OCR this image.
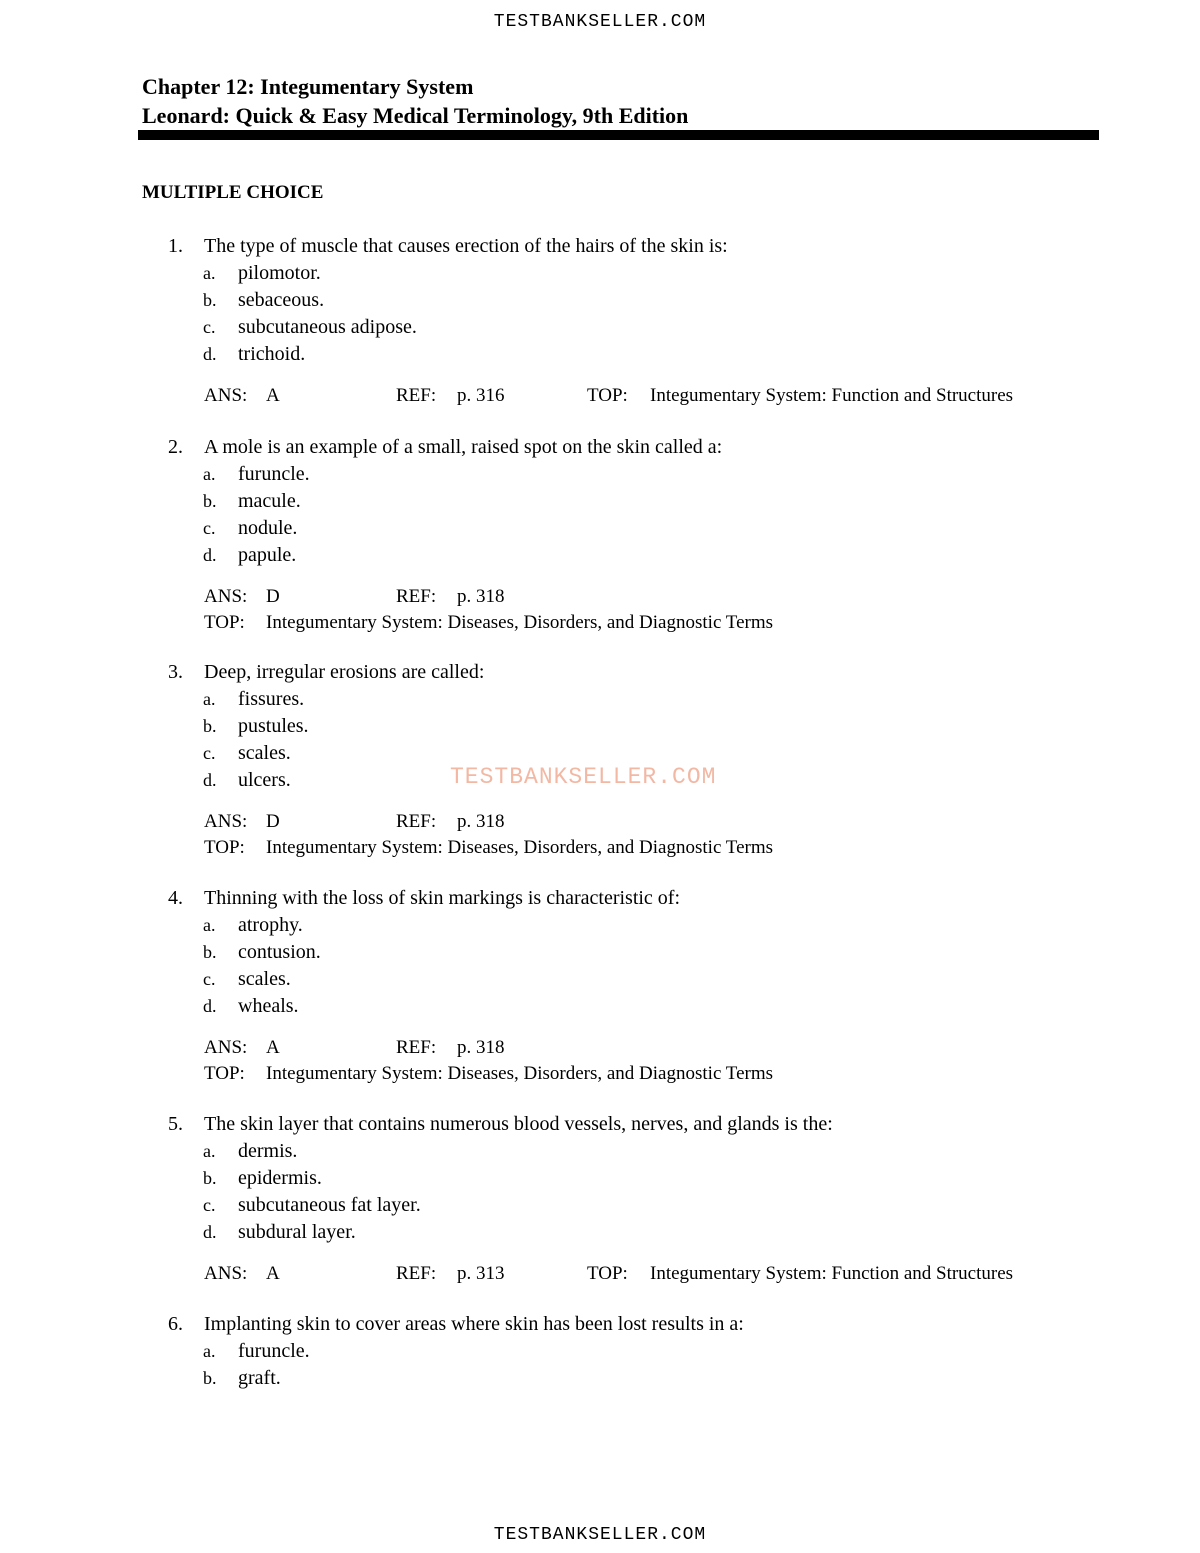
TESTBANKSELLER.COM
Chapter 12: Integumentary System
Leonard: Quick & Easy Medical Terminology, 9th Edition
MULTIPLE CHOICE
1. The type of muscle that causes erection of the hairs of the skin is:
a. pilomotor.
b. sebaceous.
c. subcutaneous adipose.
d. trichoid.
ANS: A	REF: p. 316	TOP: Integumentary System: Function and Structures
2. A mole is an example of a small, raised spot on the skin called a:
a. furuncle.
b. macule.
c. nodule.
d. papule.
ANS: D	REF: p. 318
TOP: Integumentary System: Diseases, Disorders, and Diagnostic Terms
3. Deep, irregular erosions are called:
a. fissures.
b. pustules.
c. scales.
d. ulcers.
ANS: D	REF: p. 318
TOP: Integumentary System: Diseases, Disorders, and Diagnostic Terms
4. Thinning with the loss of skin markings is characteristic of:
a. atrophy.
b. contusion.
c. scales.
d. wheals.
ANS: A	REF: p. 318
TOP: Integumentary System: Diseases, Disorders, and Diagnostic Terms
5. The skin layer that contains numerous blood vessels, nerves, and glands is the:
a. dermis.
b. epidermis.
c. subcutaneous fat layer.
d. subdural layer.
ANS: A	REF: p. 313	TOP: Integumentary System: Function and Structures
6. Implanting skin to cover areas where skin has been lost results in a:
a. furuncle.
b. graft.
TESTBANKSELLER.COM
TESTBANKSELLER.COM
